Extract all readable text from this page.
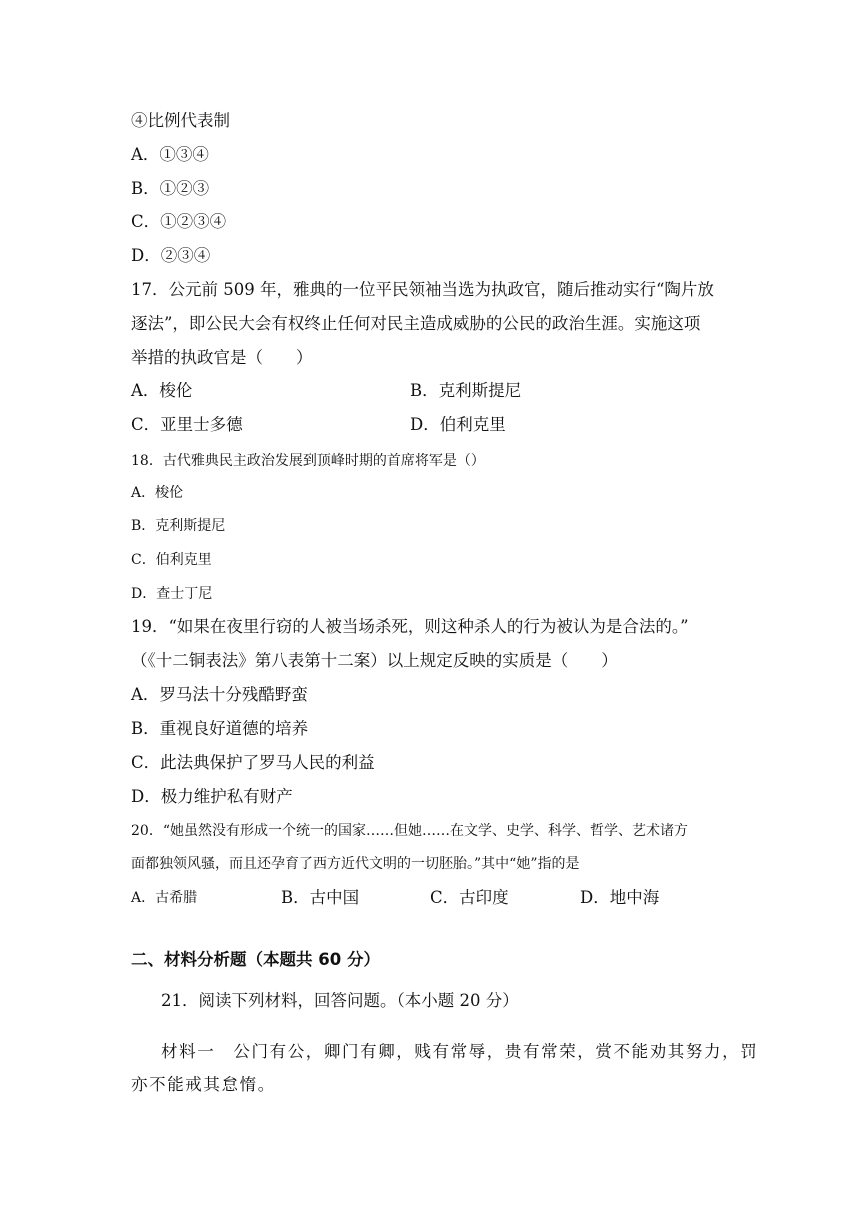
④比例代表制
A．①③④
B．①②③
C．①②③④
D．②③④
17．公元前 509 年，雅典的一位平民领袖当选为执政官，随后推动实行“陶片放
逐法”，即公民大会有权终止任何对民主造成威胁的公民的政治生涯。实施这项
举措的执政官是（　　）
A．梭伦	B．克利斯提尼
C．亚里士多德	D．伯利克里
18．古代雅典民主政治发展到顶峰时期的首席将军是（）
A．梭伦
B．克利斯提尼
C．伯利克里
D．查士丁尼
19．“如果在夜里行窃的人被当场杀死，则这种杀人的行为被认为是合法的。”
（《十二铜表法》第八表第十二案）以上规定反映的实质是（　　）
A．罗马法十分残酷野蛮
B．重视良好道德的培养
C．此法典保护了罗马人民的利益
D．极力维护私有财产
20．“她虽然没有形成一个统一的国家……但她……在文学、史学、科学、哲学、艺术诸方
面都独领风骚，而且还孕育了西方近代文明的一切胚胎。”其中“她”指的是
A．古希腊	B．古中国	C．古印度	D．地中海
二、材料分析题（本题共 60 分）
21．阅读下列材料，回答问题。（本小题 20 分）
材料一　公门有公，卿门有卿，贱有常辱，贵有常荣，赏不能劝其努力，罚
亦不能戒其怠惰。
